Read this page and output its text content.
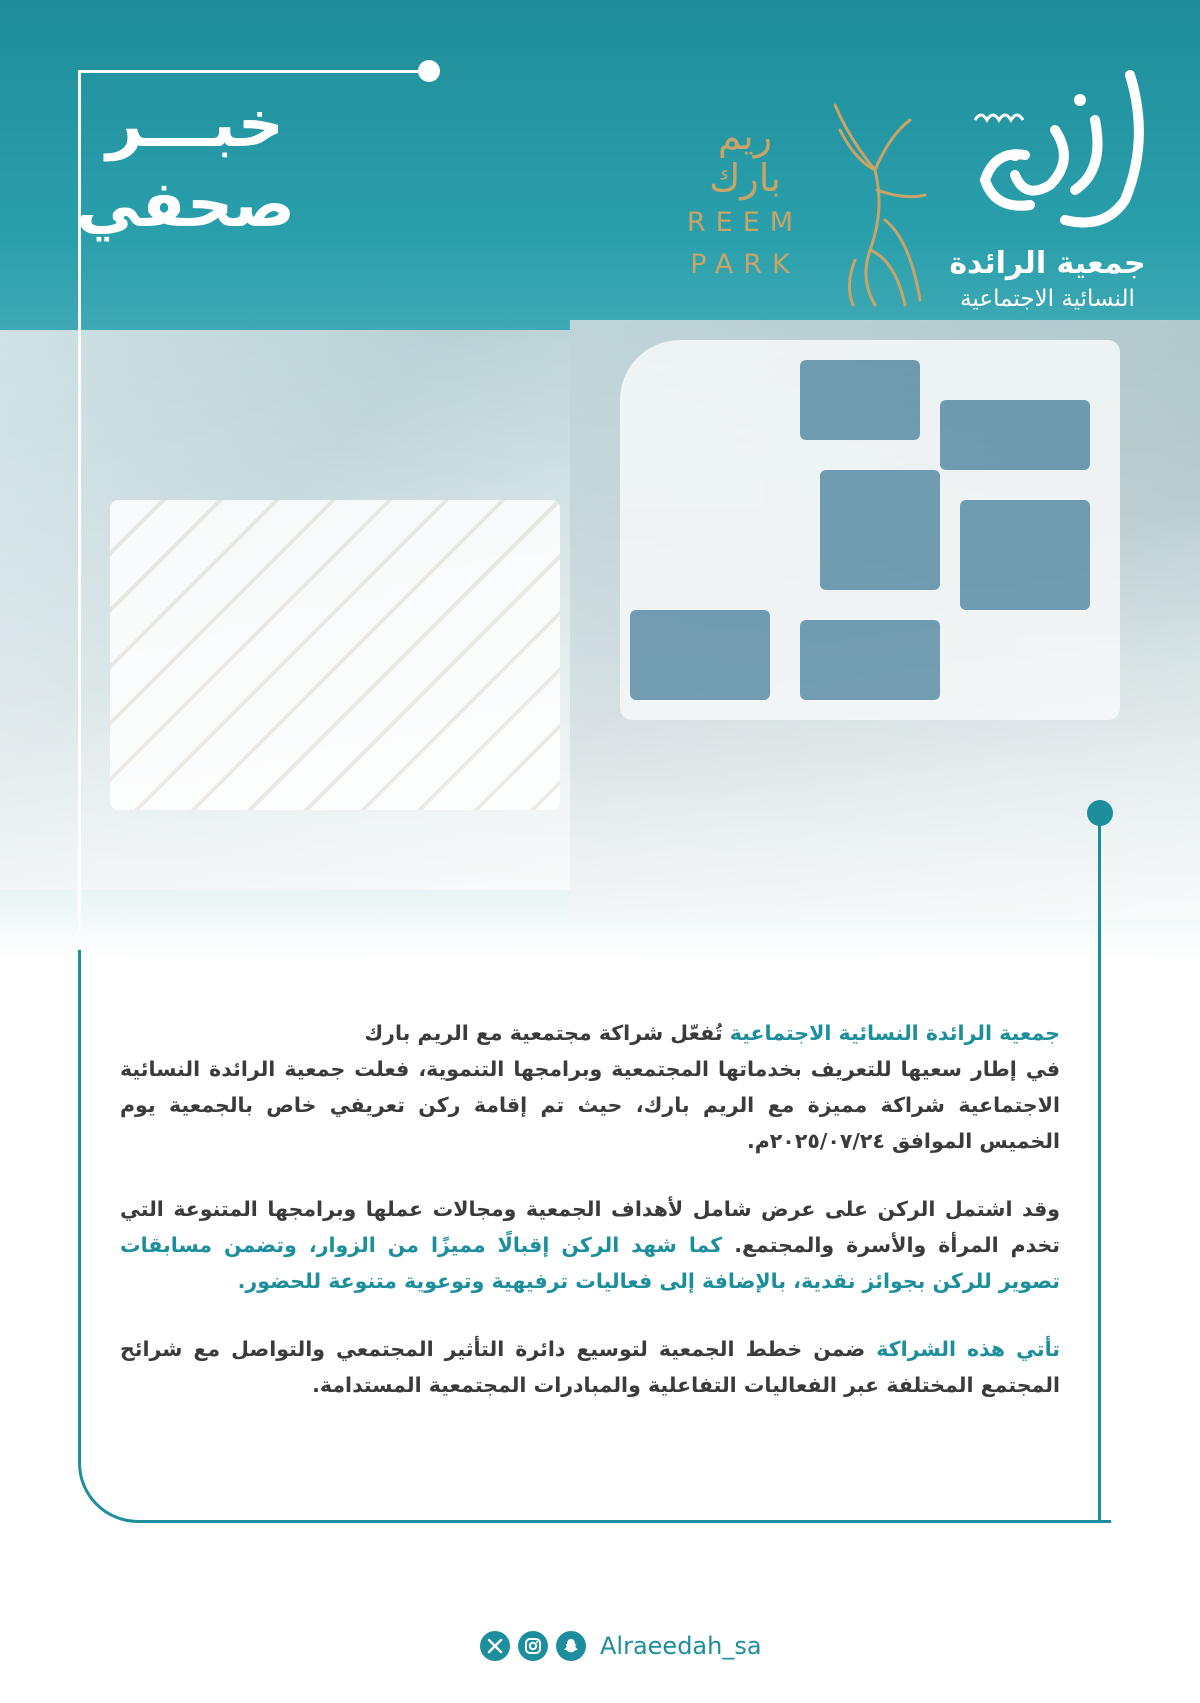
خبـــر
صحفي
ريم
بارك
REEM
PARK	جمعية الرائدة
النسائية الاجتماعية

جمعية الرائدة النسائية الاجتماعية تُفعّل شراكة مجتمعية مع الريم بارك

في إطار سعيها للتعريف بخدماتها المجتمعية وبرامجها التنموية، فعلت جمعية الرائدة النسائية الاجتماعية شراكة مميزة مع الريم بارك، حيث تم إقامة ركن تعريفي خاص بالجمعية يوم الخميس الموافق ٢٠٢٥/٠٧/٢٤م.

وقد اشتمل الركن على عرض شامل لأهداف الجمعية ومجالات عملها وبرامجها المتنوعة التي تخدم المرأة والأسرة والمجتمع. كما شهد الركن إقبالًا مميزًا من الزوار، وتضمن مسابقات تصوير للركن بجوائز نقدية، بالإضافة إلى فعاليات ترفيهية وتوعوية متنوعة للحضور.

تأتي هذه الشراكة ضمن خطط الجمعية لتوسيع دائرة التأثير المجتمعي والتواصل مع شرائح المجتمع المختلفة عبر الفعاليات التفاعلية والمبادرات المجتمعية المستدامة.

Alraeedah_sa
